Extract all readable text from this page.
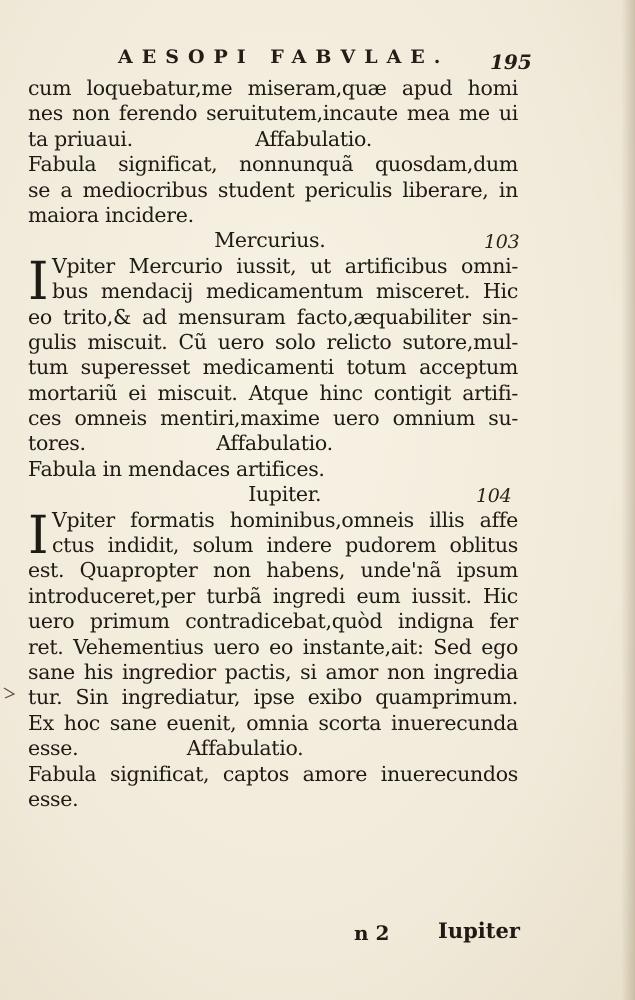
AESOPI FABVLAE. 195
cum loquebatur,me miseram,quæ apud homi
nes non ferendo seruitutem,incaute mea me ui
ta priuaui.	Affabulatio.
Fabula significat, nonnunquã quosdam,dum
se a mediocribus student periculis liberare, in
maiora incidere.
Mercurius.	103
I Vpiter Mercurio iussit, ut artificibus omni-
bus mendacij medicamentum misceret. Hic
eo trito,& ad mensuram facto,æquabiliter sin-
gulis miscuit. Cũ uero solo relicto sutore,mul-
tum superesset medicamenti totum acceptum
mortariũ ei miscuit. Atque hinc contigit artifi-
ces omneis mentiri,maxime uero omnium su-
tores.	Affabulatio.
Fabula in mendaces artifices.
Iupiter.	104
I Vpiter formatis hominibus,omneis illis affe
ctus indidit, solum indere pudorem oblitus
est. Quapropter non habens, unde'nã ipsum
introduceret,per turbã ingredi eum iussit. Hic
uero primum contradicebat,quòd indigna fer
ret. Vehementius uero eo instante,ait: Sed ego
sane his ingredior pactis, si amor non ingredia
tur. Sin ingrediatur, ipse exibo quamprimum.
Ex hoc sane euenit, omnia scorta inuerecunda
esse.	Affabulatio.
Fabula significat, captos amore inuerecundos
esse.
n 2 Iupiter
